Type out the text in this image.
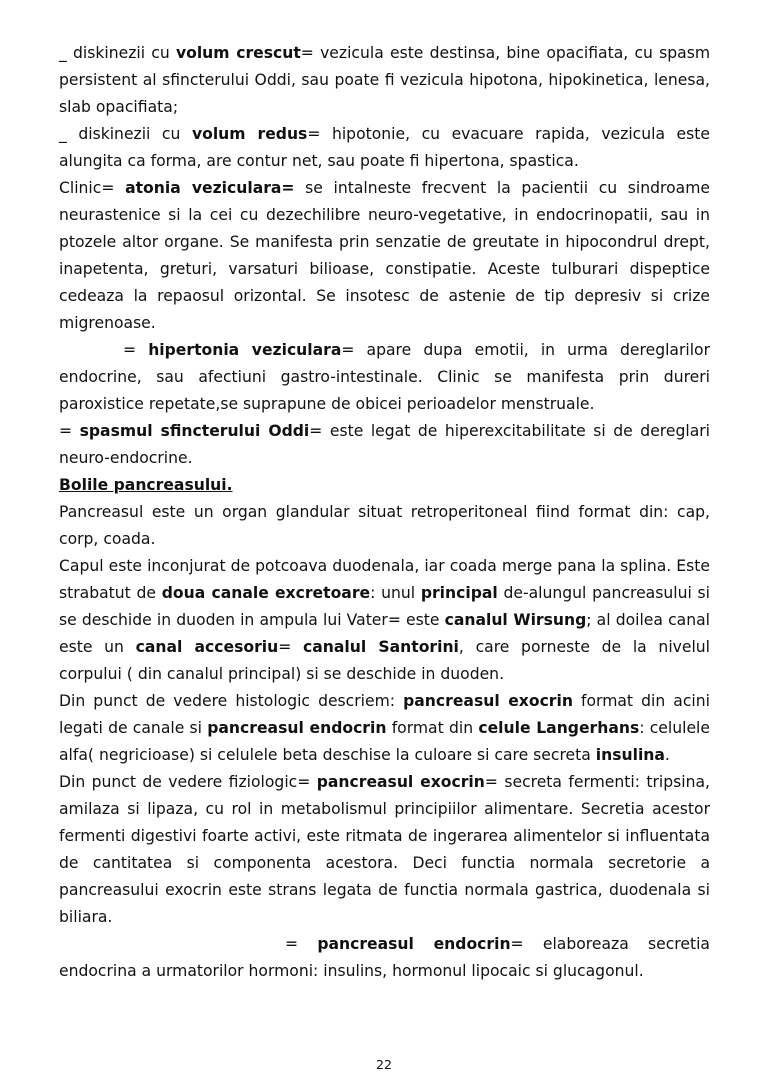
_ diskinezii cu volum crescut= vezicula este destinsa, bine opacifiata, cu spasm persistent al sfincterului Oddi, sau poate fi vezicula hipotona, hipokinetica, lenesa, slab opacifiata;

_ diskinezii cu volum redus= hipotonie, cu evacuare rapida, vezicula este alungita ca forma, are contur net, sau poate fi hipertona, spastica.

Clinic= atonia veziculara= se intalneste frecvent la pacientii cu sindroame neurastenice si la cei cu dezechilibre neuro-vegetative, in endocrinopatii, sau in ptozele altor organe. Se manifesta prin senzatie de greutate in hipocondrul drept, inapetenta, greturi, varsaturi bilioase, constipatie. Aceste tulburari dispeptice cedeaza la repaosul orizontal. Se insotesc de astenie de tip depresiv si crize migrenoase.

= hipertonia veziculara= apare dupa emotii, in urma dereglarilor endocrine, sau afectiuni gastro-intestinale. Clinic se manifesta prin dureri paroxistice repetate,se suprapune de obicei perioadelor menstruale.

= spasmul sfincterului Oddi= este legat de hiperexcitabilitate si de dereglari neuro-endocrine.

Bolile pancreasului.

Pancreasul este un organ glandular situat retroperitoneal fiind format din: cap, corp, coada.

Capul este inconjurat de potcoava duodenala, iar coada merge pana la splina. Este strabatut de doua canale excretoare: unul principal de-alungul pancreasului si se deschide in duoden in ampula lui Vater= este canalul Wirsung; al doilea canal este un canal accesoriu= canalul Santorini, care porneste de la nivelul corpului ( din canalul principal) si se deschide in duoden.

Din punct de vedere histologic descriem: pancreasul exocrin format din acini legati de canale si pancreasul endocrin format din celule Langerhans: celulele alfa( negricioase) si celulele beta deschise la culoare si care secreta insulina.

Din punct de vedere fiziologic= pancreasul exocrin= secreta fermenti: tripsina, amilaza si lipaza, cu rol in metabolismul principiilor alimentare. Secretia acestor fermenti digestivi foarte activi, este ritmata de ingerarea alimentelor si influentata de cantitatea si componenta acestora. Deci functia normala secretorie a pancreasului exocrin este strans legata de functia normala gastrica, duodenala si biliara.

= pancreasul endocrin= elaboreaza secretia endocrina a urmatorilor hormoni: insulins, hormonul lipocaic si glucagonul.

22
